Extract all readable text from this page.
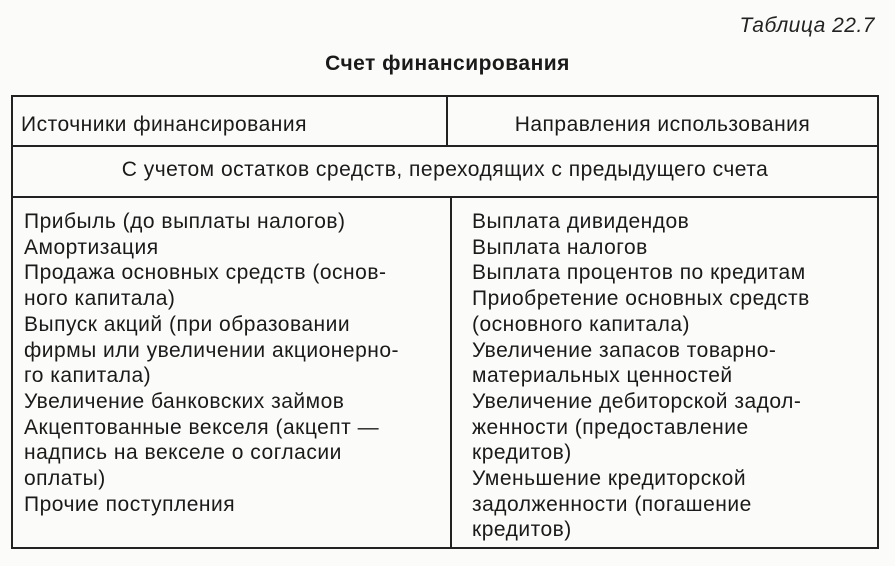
Таблица 22.7
Счет финансирования
Источники финансирования	Направления использования
С учетом остатков средств, переходящих с предыдущего счета
Прибыль (до выплаты налогов)
Амортизация
Продажа основных средств (основ-
ного капитала)
Выпуск акций (при образовании
фирмы или увеличении акционерно-
го капитала)
Увеличение банковских займов
Акцептованные векселя (акцепт —
надпись на векселе о согласии
оплаты)
Прочие поступления
Выплата дивидендов
Выплата налогов
Выплата процентов по кредитам
Приобретение основных средств
(основного капитала)
Увеличение запасов товарно-
материальных ценностей
Увеличение дебиторской задол-
женности (предоставление
кредитов)
Уменьшение кредиторской
задолженности (погашение
кредитов)
